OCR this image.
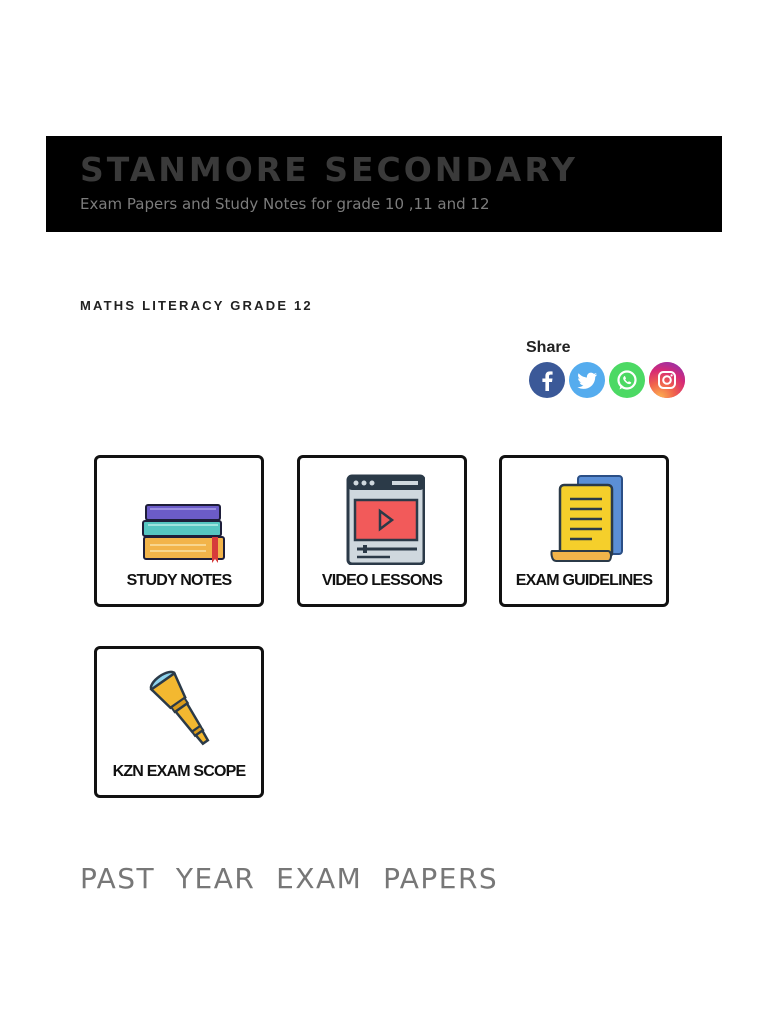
STANMORE SECONDARY
Exam Papers and Study Notes for grade 10 ,11 and 12
MATHS LITERACY GRADE 12
Share
STUDY NOTES	VIDEO LESSONS	EXAM GUIDELINES
KZN EXAM SCOPE
PAST  YEAR  EXAM  PAPERS
